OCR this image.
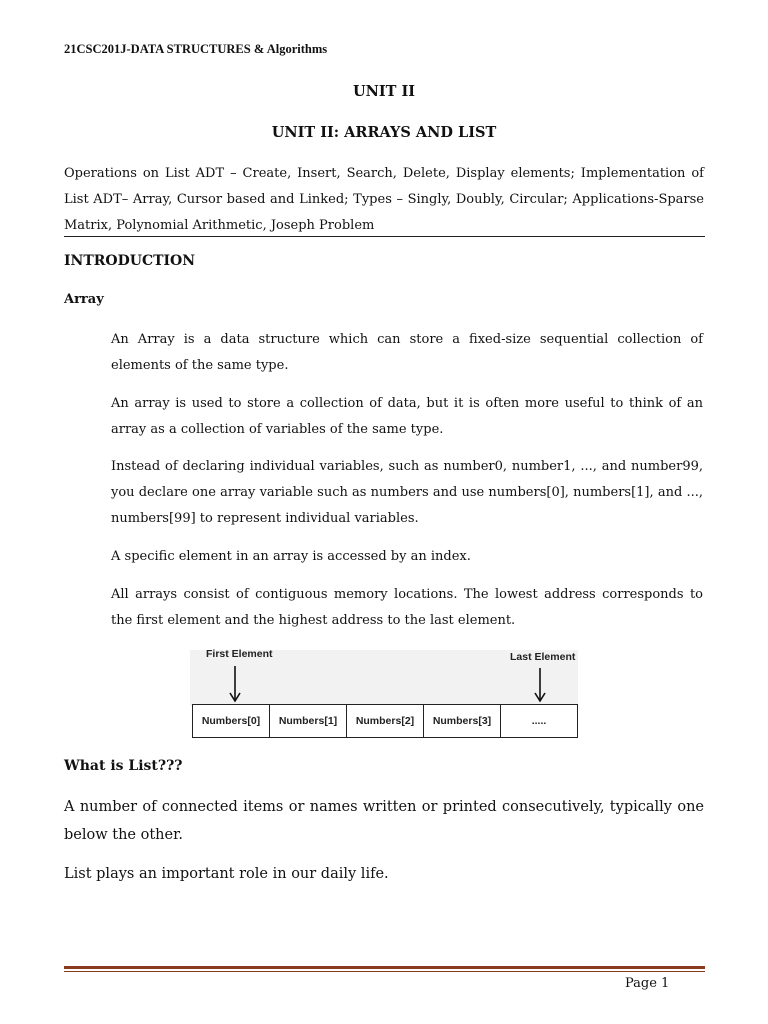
21CSC201J-DATA STRUCTURES & Algorithms
UNIT II
UNIT II: ARRAYS AND LIST
Operations on List ADT – Create, Insert, Search, Delete, Display elements; Implementation of List ADT– Array, Cursor based and Linked; Types – Singly, Doubly, Circular; Applications-Sparse Matrix, Polynomial Arithmetic, Joseph Problem
INTRODUCTION
Array
An Array is a data structure which can store a fixed-size sequential collection of elements of the same type.
An array is used to store a collection of data, but it is often more useful to think of an array as a collection of variables of the same type.
Instead of declaring individual variables, such as number0, number1, ..., and number99, you declare one array variable such as numbers and use numbers[0], numbers[1], and ..., numbers[99] to represent individual variables.
A specific element in an array is accessed by an index.
All arrays consist of contiguous memory locations. The lowest address corresponds to the first element and the highest address to the last element.
First Element	Last Element
Numbers[0]	Numbers[1]	Numbers[2]	Numbers[3]	.....
What is List???
A number of connected items or names written or printed consecutively, typically one below the other.
List plays an important role in our daily life.
Page 1
